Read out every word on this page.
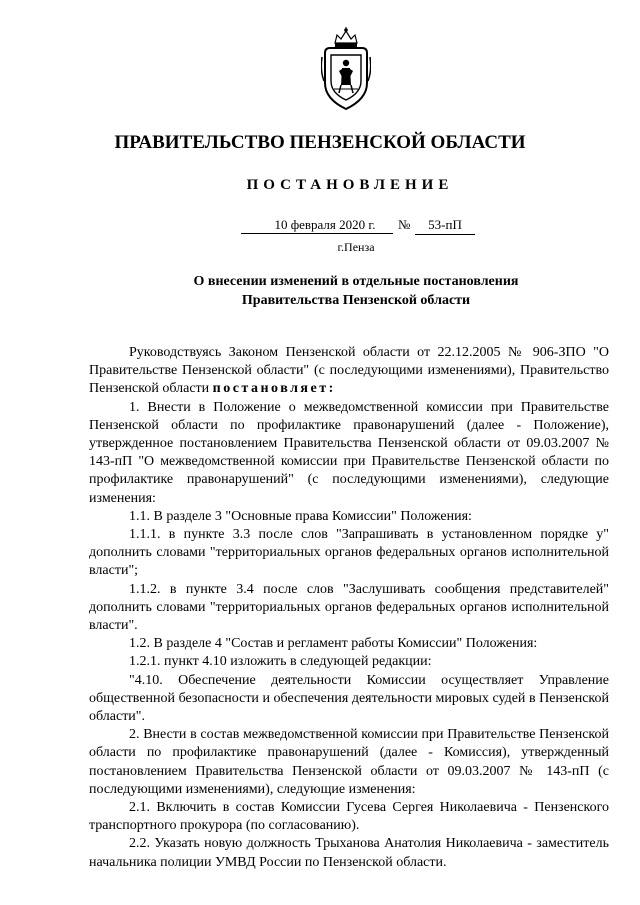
ПРАВИТЕЛЬСТВО ПЕНЗЕНСКОЙ ОБЛАСТИ
ПОСТАНОВЛЕНИЕ
10 февраля 2020 г.	№	53-пП
г.Пенза
О внесении изменений в отдельные постановления
Правительства Пензенской области

Руководствуясь Законом Пензенской области от 22.12.2005 № 906-ЗПО "О Правительстве Пензенской области" (с последующими изменениями), Правительство Пензенской области постановляет:

1. Внести в Положение о межведомственной комиссии при Правительстве Пензенской области по профилактике правонарушений (далее - Положение), утвержденное постановлением Правительства Пензенской области от 09.03.2007 № 143-пП "О межведомственной комиссии при Правительстве Пензенской области по профилактике правонарушений" (с последующими изменениями), следующие изменения:

1.1. В разделе 3 "Основные права Комиссии" Положения:

1.1.1. в пункте 3.3 после слов "Запрашивать в установленном порядке у" дополнить словами "территориальных органов федеральных органов исполнительной власти";

1.1.2. в пункте 3.4 после слов "Заслушивать сообщения представителей" дополнить словами "территориальных органов федеральных органов исполнительной власти".

1.2. В разделе 4 "Состав и регламент работы Комиссии" Положения:

1.2.1. пункт 4.10 изложить в следующей редакции:

"4.10. Обеспечение деятельности Комиссии осуществляет Управление общественной безопасности и обеспечения деятельности мировых судей в Пензенской области".

2. Внести в состав межведомственной комиссии при Правительстве Пензенской области по профилактике правонарушений (далее - Комиссия), утвержденный постановлением Правительства Пензенской области от 09.03.2007 № 143-пП (с последующими изменениями), следующие изменения:

2.1. Включить в состав Комиссии Гусева Сергея Николаевича - Пензенского транспортного прокурора (по согласованию).

2.2. Указать новую должность Трыханова Анатолия Николаевича - заместитель начальника полиции УМВД России по Пензенской области.
